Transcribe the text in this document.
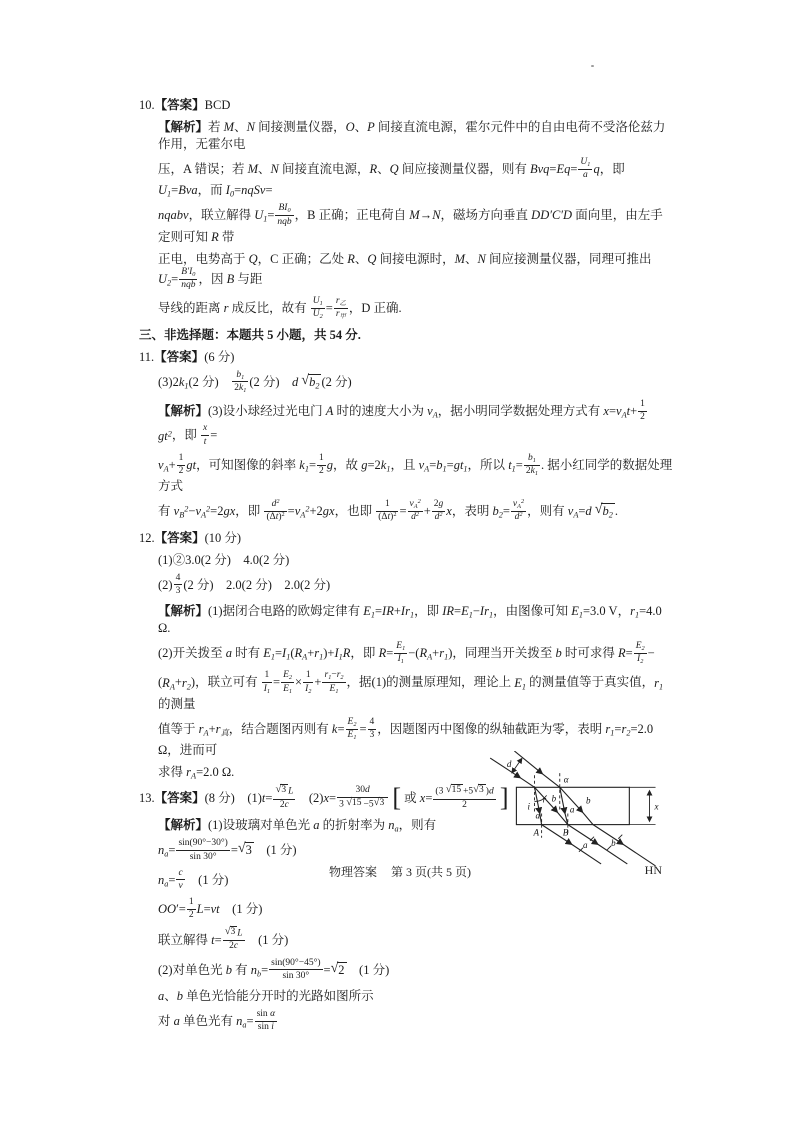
10.【答案】BCD
【解析】若 M、N 间接测量仪器，O、P 间接直流电源，霍尔元件中的自由电荷不受洛伦兹力作用，无霍尔电
压，A 错误；若 M、N 间接直流电源，R、Q 间应接测量仪器，则有 $Bvq=Eq= \frac{U_1}{a}$ q，即 $U_1=Bva$，而 $I_0=nqSv=$
nqabv，联立解得 $U_1=$
$BI_0$
nqb ，B 正确；正电荷自 M→N，磁场方向垂直 DD′C′D 面向里，由左手定则可知 R 带
正电，电势高于 Q，C 正确；乙处 R、Q 间接电源时，M、N 间应接测量仪器，同理可推出 $U_2=$
$B'I_0$
nqb ，因 B 与距
导线的距离 r 成反比，故有 $\frac{U_1}{U_2}$ =
$r_乙$
$r_甲$
，D 正确.
三、非选择题：本题共 5 小题，共 54 分.
11.【答案】(6 分)
$(3)2k_1(2$ 分)　 $\frac{b_1}{2k_1} (2$ 分)　d √ $b_2$ (2 分)
【解析】(3)设小球经过光电门 A 时的速度大小为 $v_A$，据小明同学数据处理方式有 $x=v_At+ \frac{1}{2}$
$gt^2$，即 $\frac{x}{t}$ =
$v_A+ \frac{1}{2}$ gt，可知图像的斜率 $k_1= \frac{1}{2}$ g，故 $g=2k_1$，且 $v_A=b_1=gt_1$，所以 $t_1= \frac{b_1}{2k_1}$ . 据小红同学的数据处理方式
有 $v_B^2-v_A^2=2gx$，即 $\frac{d^2}{(\Delta t)^2} =v_A^2+2gx$，也即 $\frac{1}{(\Delta t)^2} = \frac{v_A^2}{d^2} + \frac{2g}{d^2}$ x，表明 $b_2= \frac{v_A^2}{d^2}$ ，则有 $v_A=d$ √ $b_2$ .
12.【答案】(10 分)
(1)②3.0(2 分)　4.0(2 分)
$(2) \frac{4}{3} (2$ 分)　2.0(2 分)　2.0(2 分)
【解析】(1)据闭合电路的欧姆定律有 $E_1=IR+Ir_1$，即 $IR=E_1-Ir_1$，由图像可知 $E_1=3.0$ V，$r_1=4.0$ Ω.
(2)开关拨至 a 时有 $E_1=I_1(R_A+r_1)+I_1R$，即 $R= \frac{E_1}{I_1} -(R_A+r_1)$，同理当开关拨至 b 时可求得 $R= \frac{E_2}{I_2}$ −
$(R_A+r_2)$，联立可有 $\frac{1}{I_1} = \frac{E_2}{E_1} \times \frac{1}{I_2} + \frac{r_1-r_2}{E_1}$ ，据(1)的测量原理知，理论上 $E_1$ 的测量值等于真实值，$r_1$ 的测量
值等于 $r_A+r_真$，结合题图丙则有 $k= \frac{E_2}{E_1} = \frac{4}{3}$ ，因题图丙中图像的纵轴截距为零，表明 $r_1=r_2=2.0$ Ω，进而可
求得 $r_A=2.0$ Ω.
13.【答案】(8 分)　$(1)t= \frac{√ 3 L}{2c}$ 　$(2)x= \frac{30d}{3 √ 15 -5 √ 3}$ [ 或 $x= \frac{(3 √ 15 +5 √ 3 )d}{2}$ ]
【解析】(1)设玻璃对单色光 a 的折射率为 $n_a$，则有
$n_a= \frac{\sin(90^\circ-30^\circ)}{\sin 30^\circ}$ = √ 3 　(1 分)
$n_a= \frac{c}{v}$ 　(1 分)
$OO'= \frac{1}{2} L=vt$　(1 分)
联立解得 $t= \frac{√ 3 L}{2c}$ 　(1 分)
(2)对单色光 b 有 $n_b= \frac{\sin(90^\circ-45^\circ)}{\sin 30^\circ}$ = √ 2 　(1 分)
a、b 单色光恰能分开时的光路如图所示
对 a 单色光有 $n_a= \frac{\text{sin α}}{\text{sin i}}$
d
α
i
r
a
b
a
b
A	B
a	b
x
物理答案 第 3 页(共 5 页)	HN
